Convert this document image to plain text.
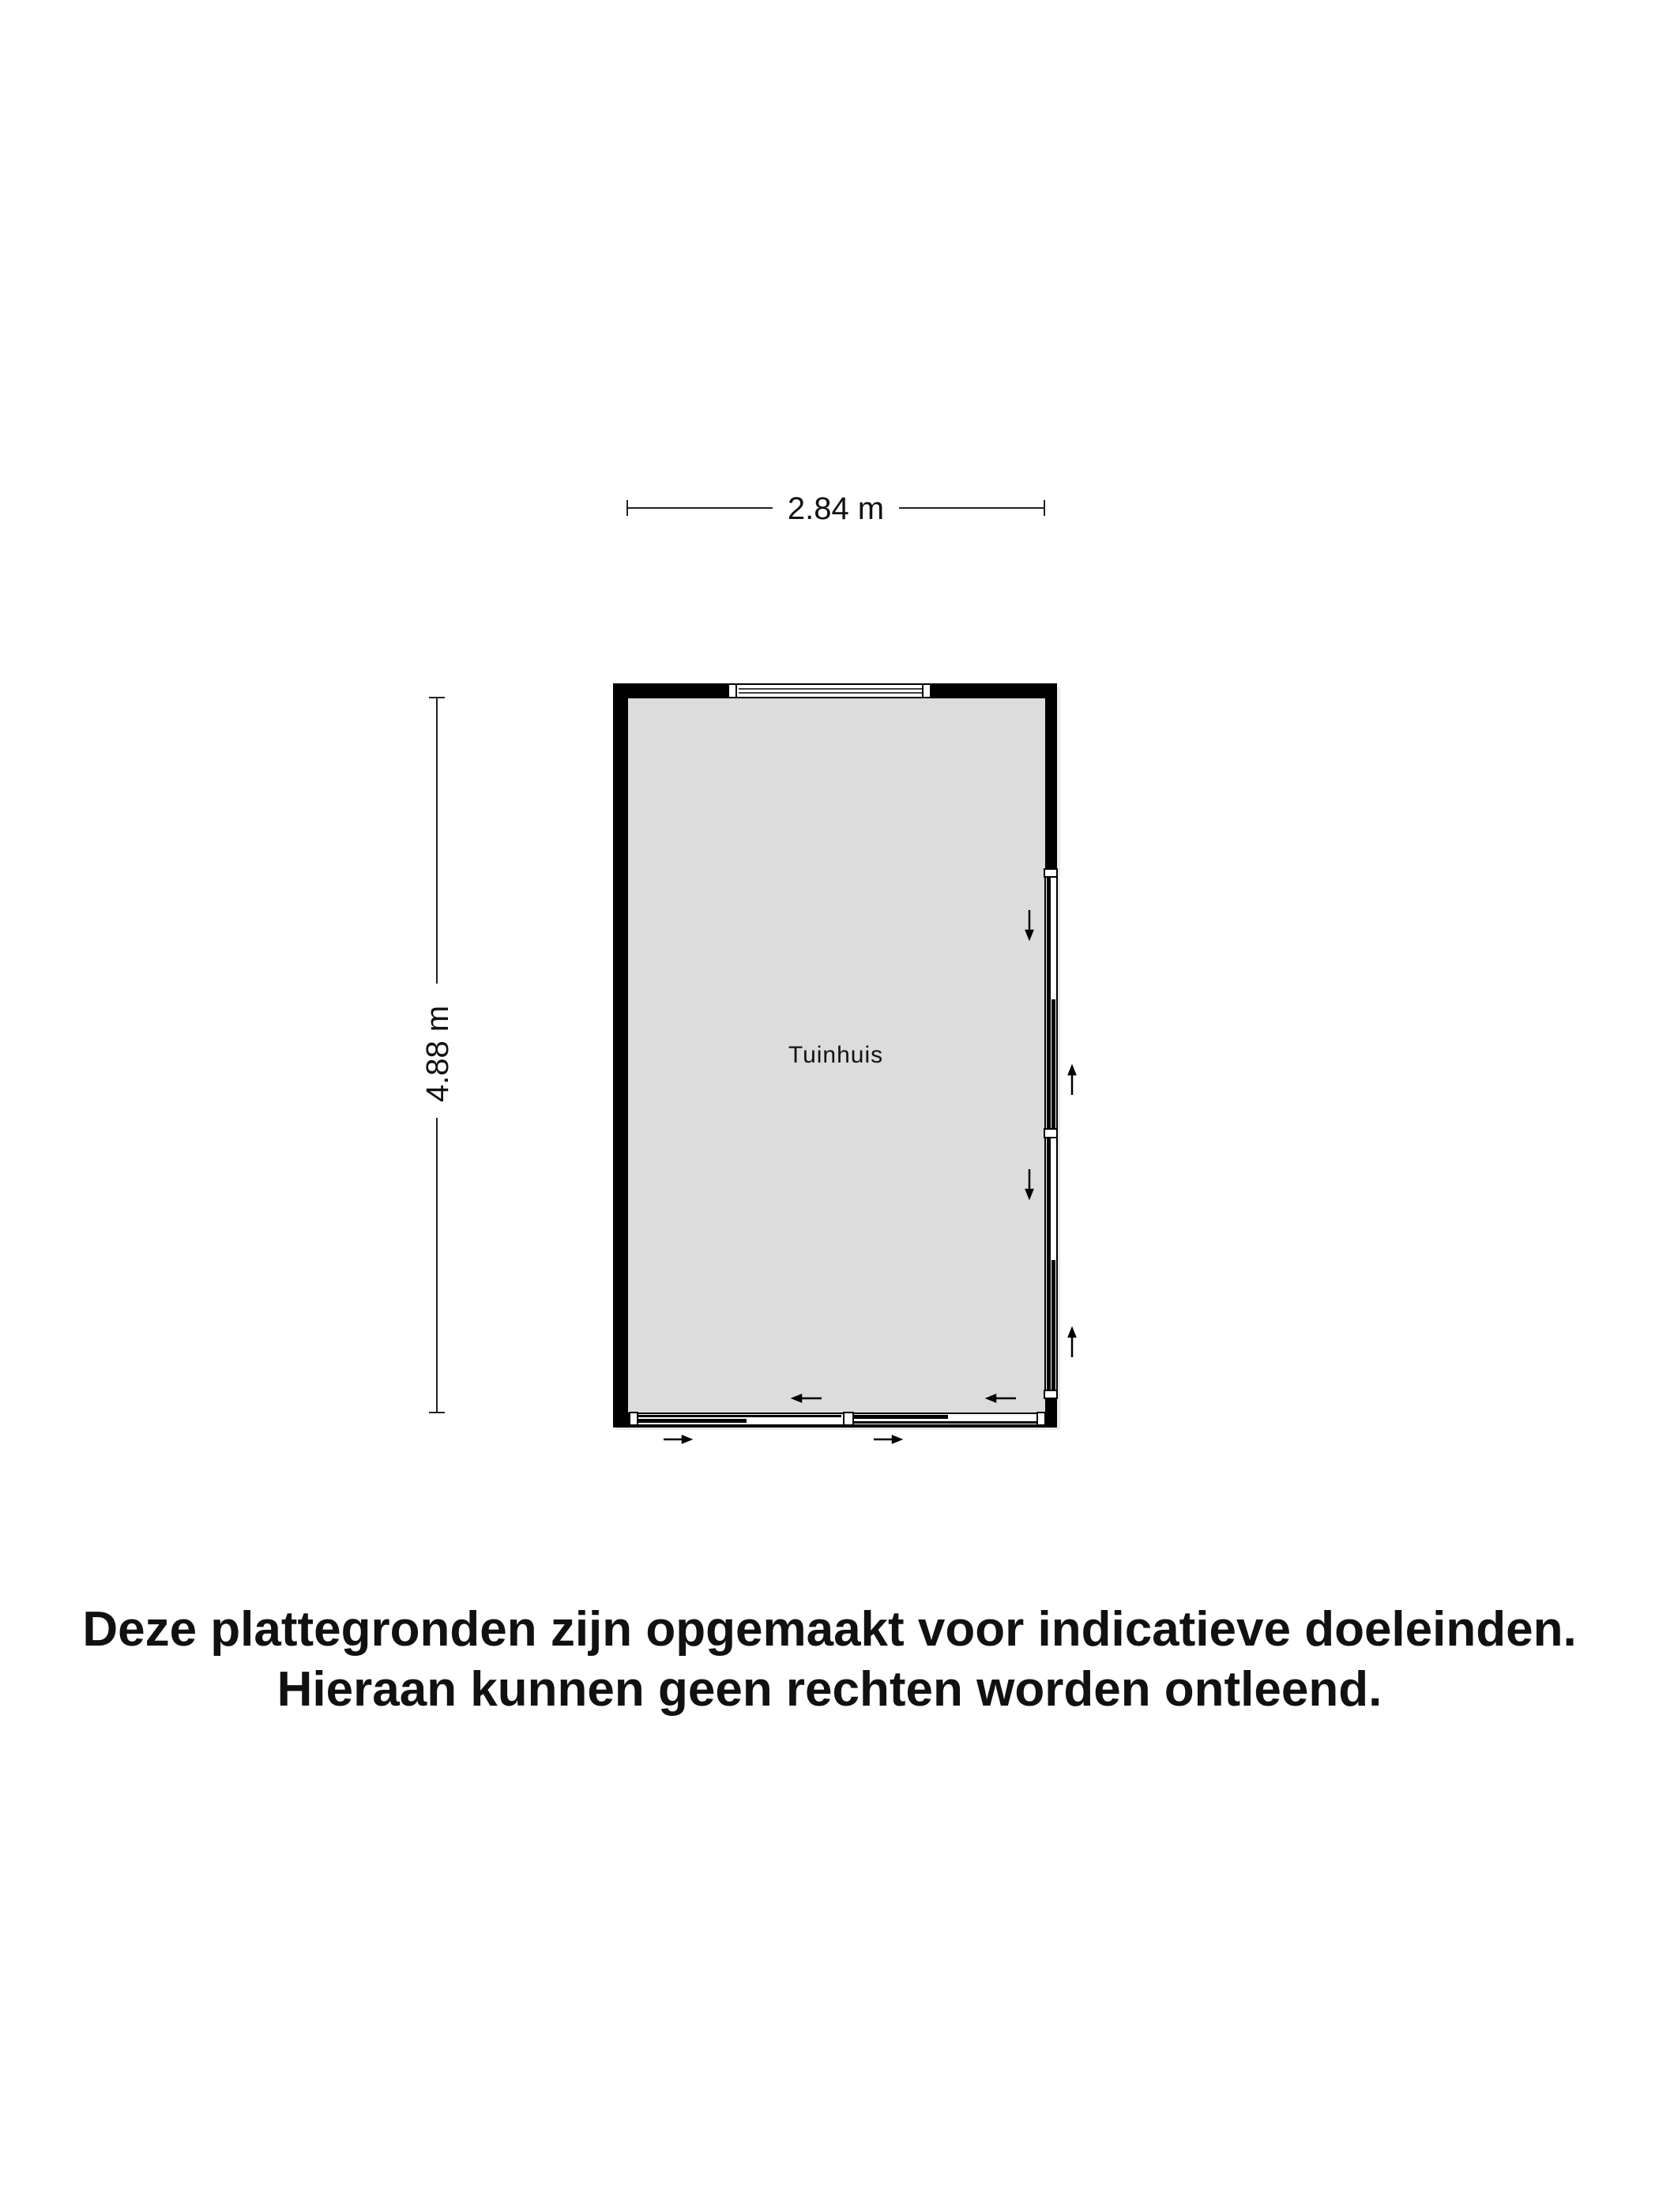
2.84 m
4.88 m	Tuinhuis
Deze plattegronden zijn opgemaakt voor indicatieve doeleinden.
Hieraan kunnen geen rechten worden ontleend.
